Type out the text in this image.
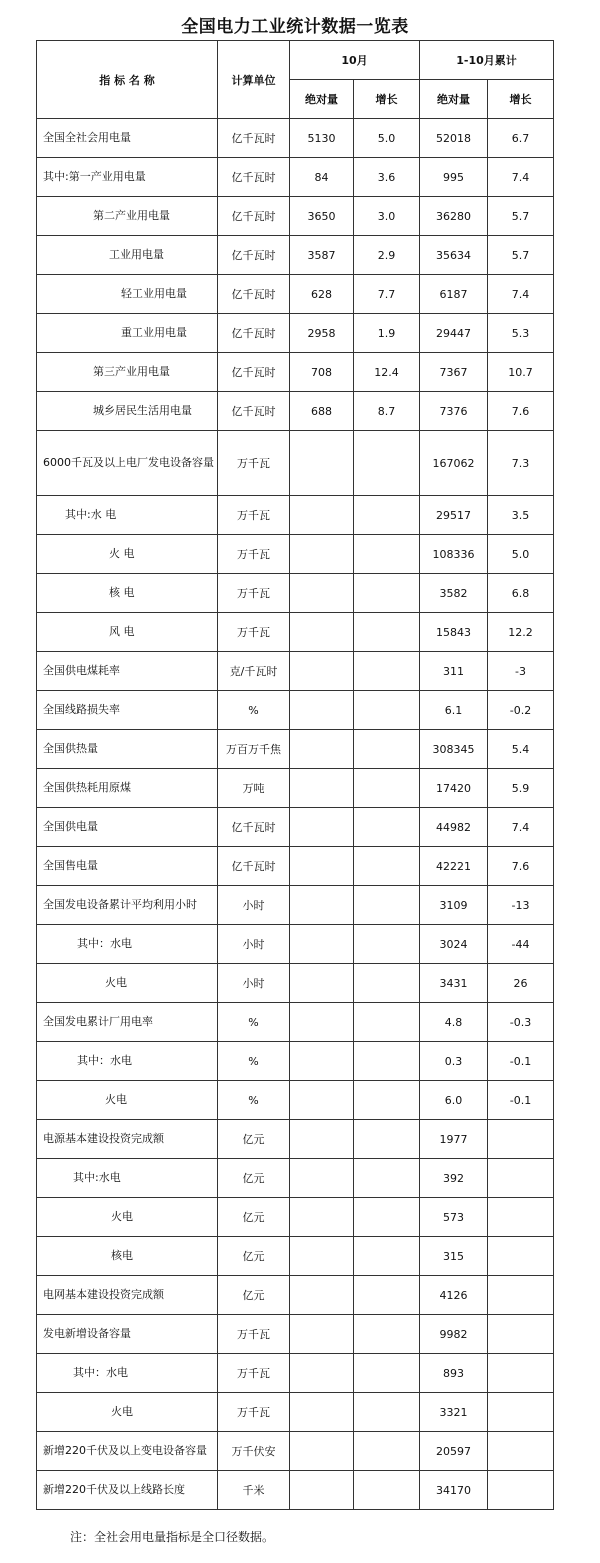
全国电力工业统计数据一览表
指 标 名 称	计算单位	10月		1-10月累计	
		绝对量	增长	绝对量	增长
全国全社会用电量	亿千瓦时	5130	5.0	52018	6.7
其中:第一产业用电量	亿千瓦时	84	3.6	995	7.4
第二产业用电量	亿千瓦时	3650	3.0	36280	5.7
工业用电量	亿千瓦时	3587	2.9	35634	5.7
轻工业用电量	亿千瓦时	628	7.7	6187	7.4
重工业用电量	亿千瓦时	2958	1.9	29447	5.3
第三产业用电量	亿千瓦时	708	12.4	7367	10.7
城乡居民生活用电量	亿千瓦时	688	8.7	7376	7.6
6000千瓦及以上电厂发电设备容量	万千瓦			167062	7.3
其中:水 电	万千瓦			29517	3.5
火 电	万千瓦			108336	5.0
核 电	万千瓦			3582	6.8
风 电	万千瓦			15843	12.2
全国供电煤耗率	克/千瓦时			311	-3
全国线路损失率	%			6.1	-0.2
全国供热量	万百万千焦			308345	5.4
全国供热耗用原煤	万吨			17420	5.9
全国供电量	亿千瓦时			44982	7.4
全国售电量	亿千瓦时			42221	7.6
全国发电设备累计平均利用小时	小时			3109	-13
其中：水电	小时			3024	-44
火电	小时			3431	26
全国发电累计厂用电率	%			4.8	-0.3
其中：水电	%			0.3	-0.1
火电	%			6.0	-0.1
电源基本建设投资完成额	亿元			1977	
其中:水电	亿元			392	
火电	亿元			573	
核电	亿元			315	
电网基本建设投资完成额	亿元			4126	
发电新增设备容量	万千瓦			9982	
其中：水电	万千瓦			893	
火电	万千瓦			3321	
新增220千伏及以上变电设备容量	万千伏安			20597	
新增220千伏及以上线路长度	千米			34170	
注：全社会用电量指标是全口径数据。
